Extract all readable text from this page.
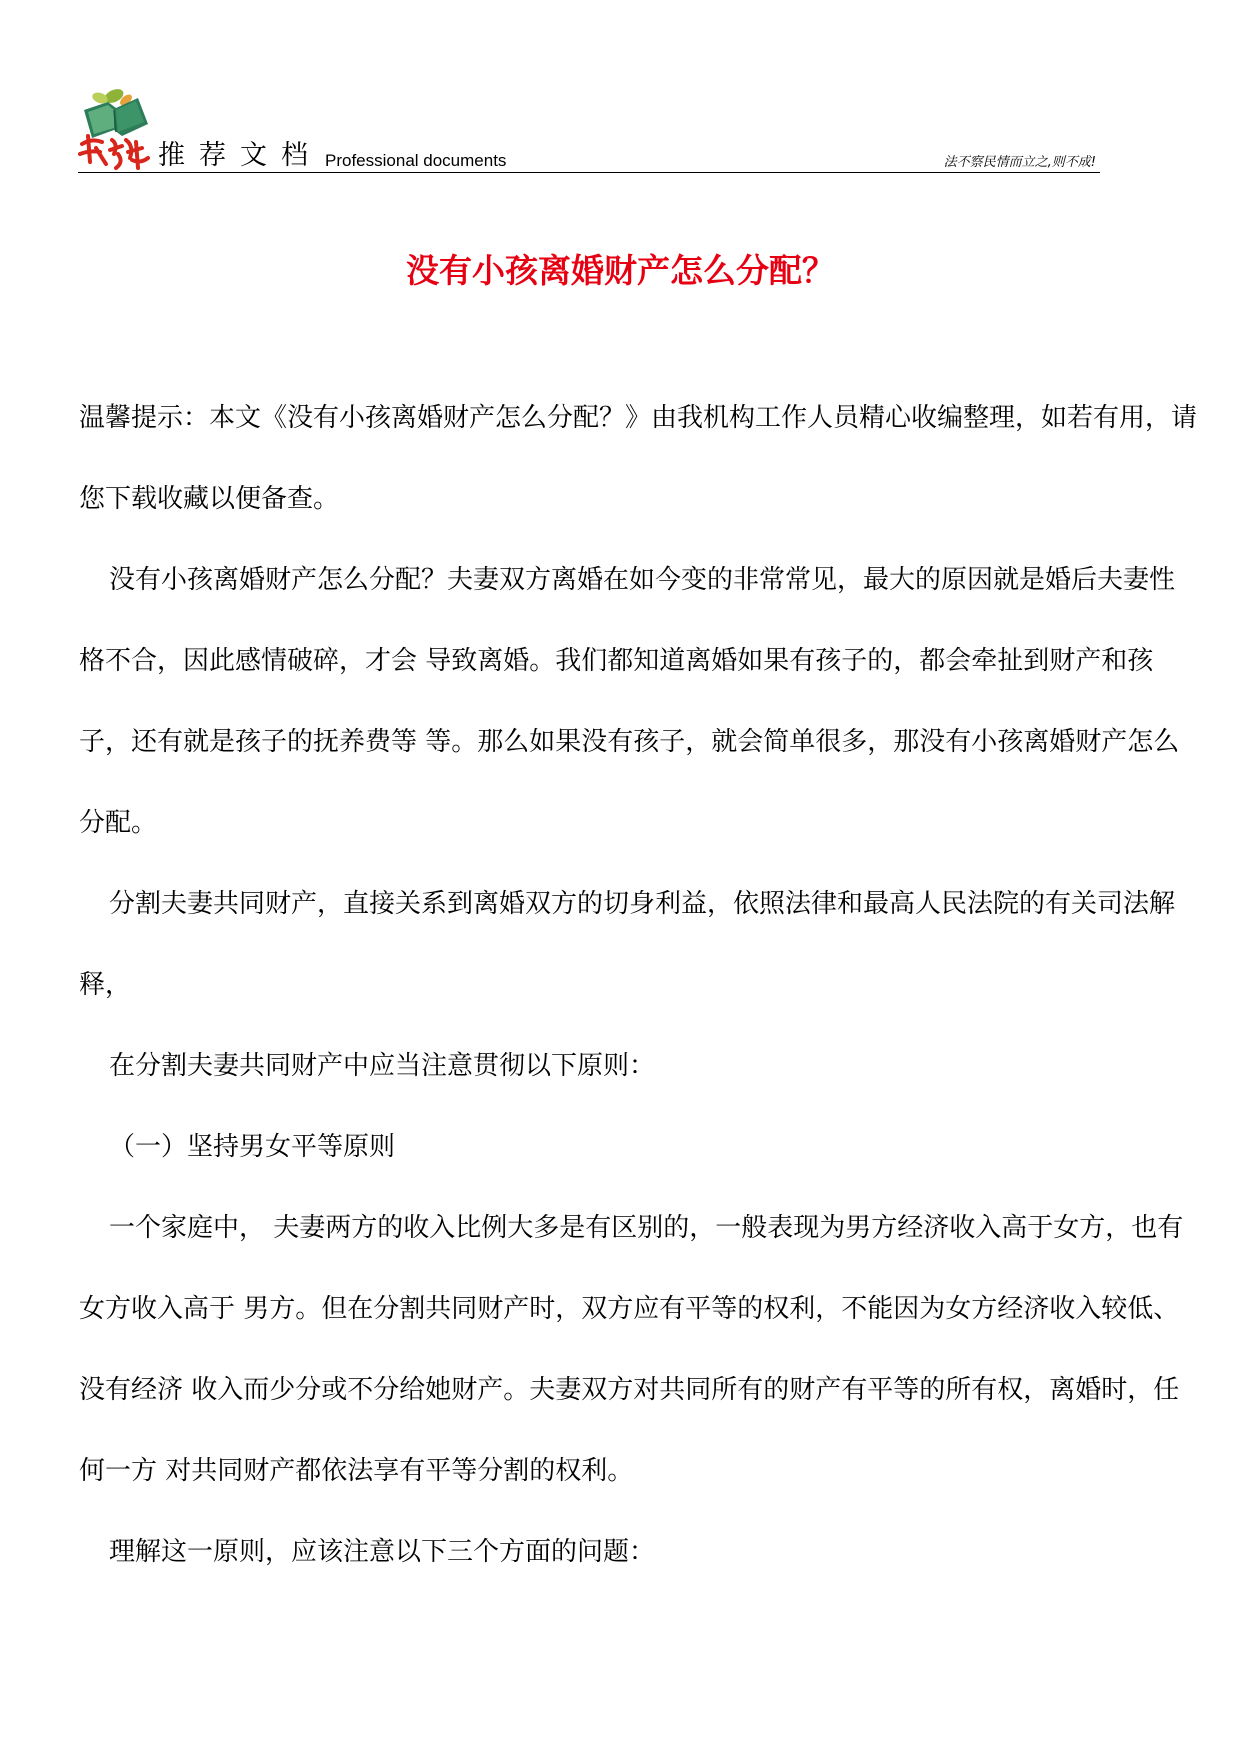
推荐文档 Professional documents	法不察民情而立之,则不成!
没有小孩离婚财产怎么分配？

温馨提示：本文《没有小孩离婚财产怎么分配？》由我机构工作人员精心收编整理，如若有用，请您下载收藏以便备查。

没有小孩离婚财产怎么分配？夫妻双方离婚在如今变的非常常见，最大的原因就是婚后夫妻性格不合，因此感情破碎，才会 导致离婚。我们都知道离婚如果有孩子的，都会牵扯到财产和孩子，还有就是孩子的抚养费等 等。那么如果没有孩子，就会简单很多，那没有小孩离婚财产怎么分配。

分割夫妻共同财产，直接关系到离婚双方的切身利益，依照法律和最高人民法院的有关司法解 释，

在分割夫妻共同财产中应当注意贯彻以下原则：

（一）坚持男女平等原则

一个家庭中， 夫妻两方的收入比例大多是有区别的，一般表现为男方经济收入高于女方，也有女方收入高于 男方。但在分割共同财产时，双方应有平等的权利，不能因为女方经济收入较低、没有经济 收入而少分或不分给她财产。夫妻双方对共同所有的财产有平等的所有权，离婚时，任何一方 对共同财产都依法享有平等分割的权利。

理解这一原则，应该注意以下三个方面的问题：
